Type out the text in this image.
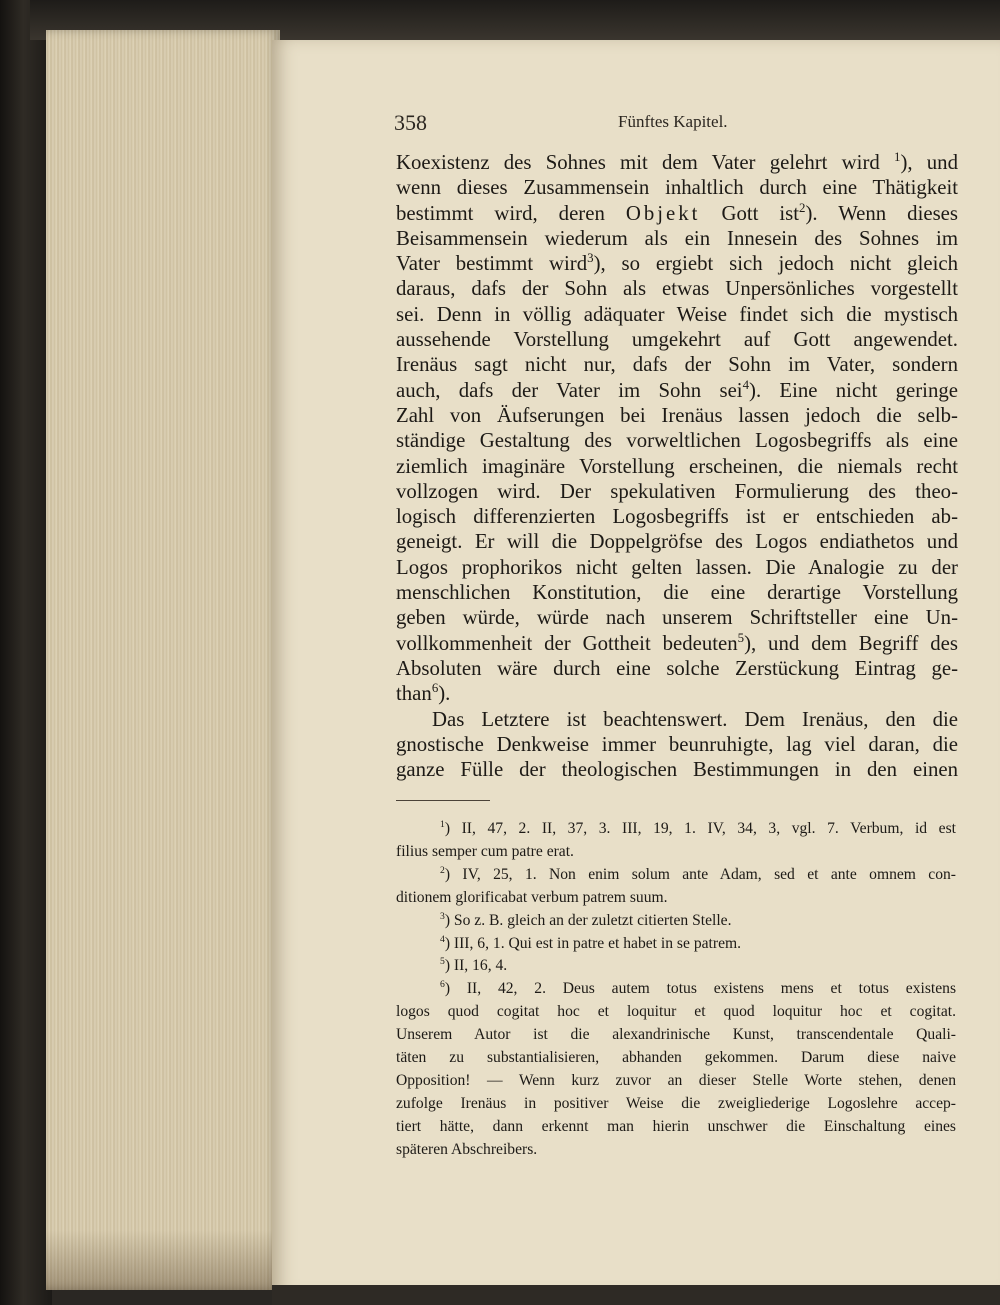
358	Fünftes Kapitel.
Koexistenz des Sohnes mit dem Vater gelehrt wird $^1$), und
wenn dieses Zusammensein inhaltlich durch eine Thätigkeit
bestimmt wird, deren Objekt Gott ist$^2$). Wenn dieses
Beisammensein wiederum als ein Innesein des Sohnes im
Vater bestimmt wird$^3$), so ergiebt sich jedoch nicht gleich
daraus, dafs der Sohn als etwas Unpersönliches vorgestellt
sei. Denn in völlig adäquater Weise findet sich die mystisch
aussehende Vorstellung umgekehrt auf Gott angewendet.
Irenäus sagt nicht nur, dafs der Sohn im Vater, sondern
auch, dafs der Vater im Sohn sei$^4$). Eine nicht geringe
Zahl von Äufserungen bei Irenäus lassen jedoch die selb-
ständige Gestaltung des vorweltlichen Logosbegriffs als eine
ziemlich imaginäre Vorstellung erscheinen, die niemals recht
vollzogen wird. Der spekulativen Formulierung des theo-
logisch differenzierten Logosbegriffs ist er entschieden ab-
geneigt. Er will die Doppelgröfse des Logos endiathetos und
Logos prophorikos nicht gelten lassen. Die Analogie zu der
menschlichen Konstitution, die eine derartige Vorstellung
geben würde, würde nach unserem Schriftsteller eine Un-
vollkommenheit der Gottheit bedeuten$^5$), und dem Begriff des
Absoluten wäre durch eine solche Zerstückung Eintrag ge-
than$^6$).
Das Letztere ist beachtenswert. Dem Irenäus, den die
gnostische Denkweise immer beunruhigte, lag viel daran, die
ganze Fülle der theologischen Bestimmungen in den einen
$^1$) II, 47, 2. II, 37, 3. III, 19, 1. IV, 34, 3, vgl. 7. Verbum, id est
filius semper cum patre erat.
$^2$) IV, 25, 1. Non enim solum ante Adam, sed et ante omnem con-
ditionem glorificabat verbum patrem suum.
$^3$) So z. B. gleich an der zuletzt citierten Stelle.
$^4$) III, 6, 1. Qui est in patre et habet in se patrem.
$^5$) II, 16, 4.
$^6$) II, 42, 2. Deus autem totus existens mens et totus existens
logos quod cogitat hoc et loquitur et quod loquitur hoc et cogitat.
Unserem Autor ist die alexandrinische Kunst, transcendentale Quali-
täten zu substantialisieren, abhanden gekommen. Darum diese naive
Opposition! — Wenn kurz zuvor an dieser Stelle Worte stehen, denen
zufolge Irenäus in positiver Weise die zweigliederige Logoslehre accep-
tiert hätte, dann erkennt man hierin unschwer die Einschaltung eines
späteren Abschreibers.
